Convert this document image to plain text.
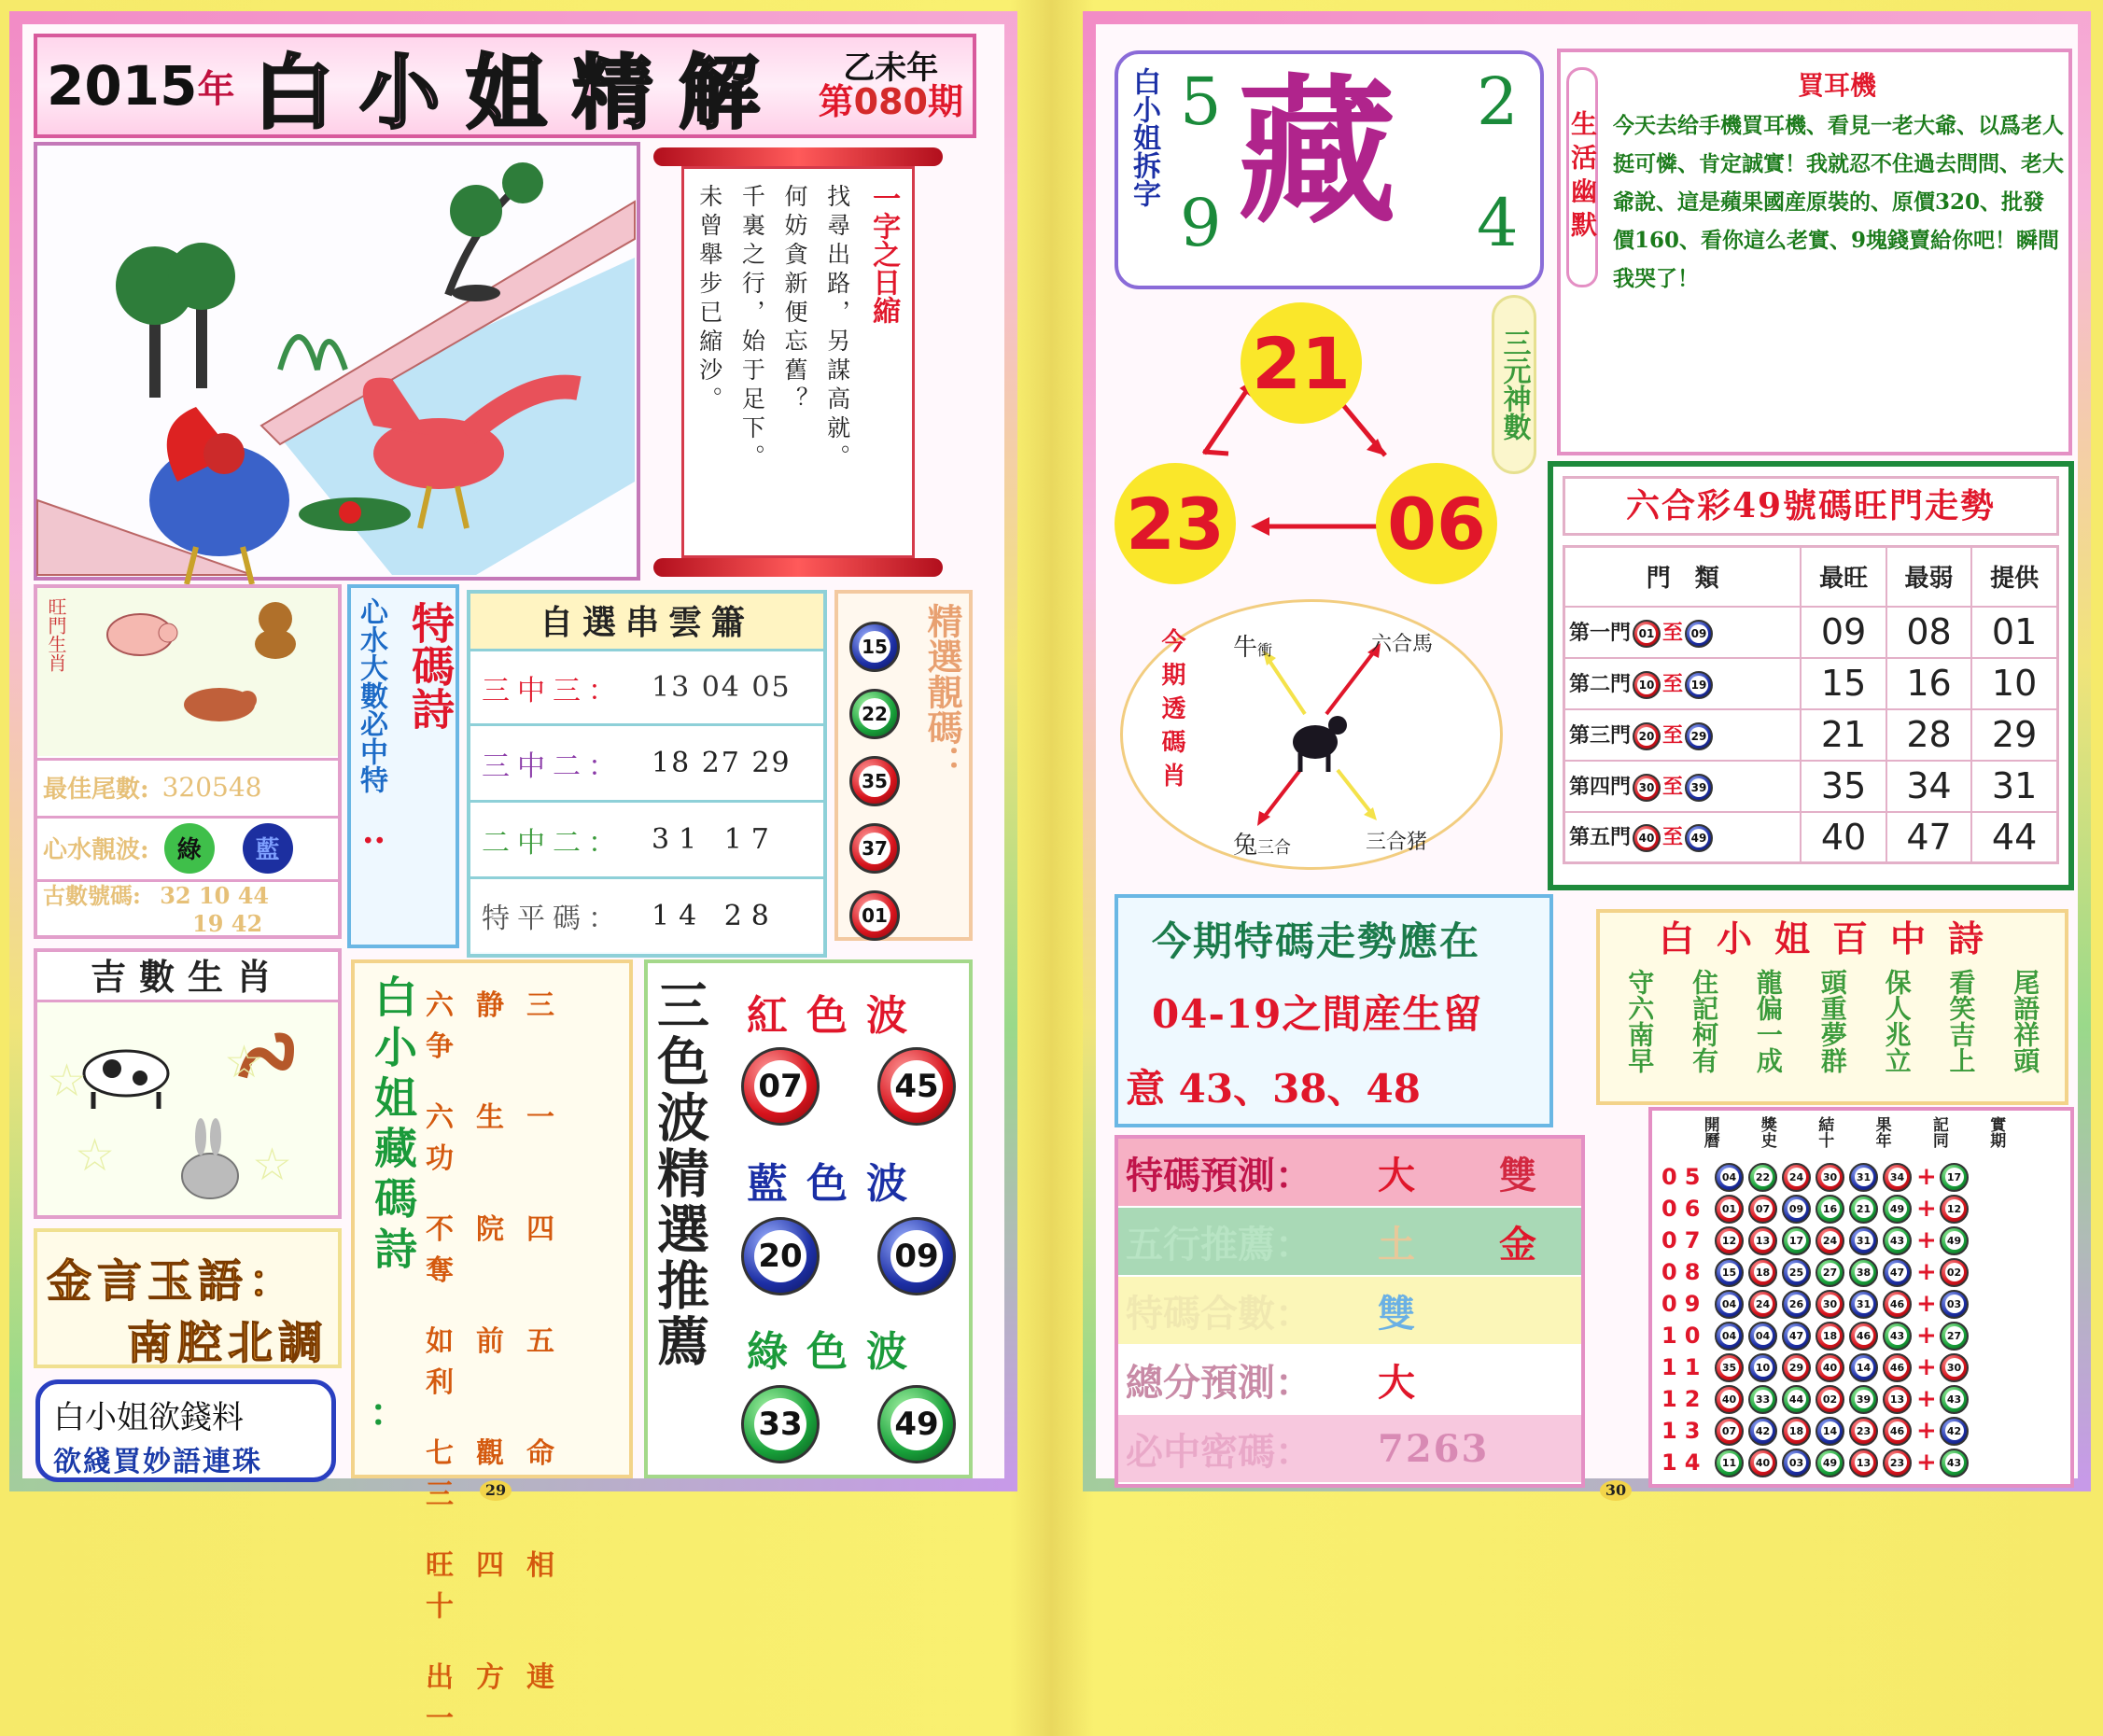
2015 年 白小姐精解	乙未年
第080期
一字之日縮
找尋出路，另謀高就。
何妨貪新便忘舊？
千裏之行，始于足下。
未曾舉步已縮沙。
旺門生肖
最佳尾數: 320548
心水靚波:	綠	藍
古數號碼: 32 10 44
19 42
特碼詩
..
心水大數必中特	自選串雲簫
三中三： 13 04 05
三中二： 18 27 29
二中二： 31 17
特平碼： 14 28
精選靚碼：
15
22
35
37
01
吉數生肖
☆
☆
☆	☆ 白小姐藏碼詩
：
六静三争
六生一功
不院四奪
如前五利
七觀命三
旺四相十
出方連一
三色波精選推薦 紅色波
07	45
藍色波
20	09
綠色波
33	49
金言玉語：
南腔北調
白小姐欲錢料
欲綫買妙語連珠
29
白小姐拆字 5
9 藏 2
4
21
23 06
三元神數
今期透碼肖 牛衝	六合馬
兔三合	三合猪
生活幽默
買耳機
今天去给手機買耳機、看見一老大爺、以爲老人挺可憐、肯定誠實！我就忍不住過去問問、老大爺說、這是蘋果國産原裝的、原價320、批發價160、看你這么老實、9塊錢賣給你吧！瞬間我哭了！
六合彩49號碼旺門走勢
門　類	最旺	最弱	提供
第一門 01 至 09	09	08	01
第二門 10 至 19	15	16	10
第三門 20 至 29	21	28	29
第四門 30 至 39	35	34	31
第五門 40 至 49	40	47	44
今期特碼走勢應在
04-19之間産生留
意 43、38、48
白小姐百中詩
守六南早 住記柯有 龍偏一成 頭重夢群 保人兆立 看笑吉上 尾語祥頭
特碼預測：	大	雙
五行推薦：	土	金
特碼合數：	雙
總分預測：	大
必中密碼：	7263
開曆 獎史 結十 果年 記同 實期
05 04 22 24 30 31 34 + 17
06 01 07 09 16 21 49 + 12
07 12 13 17 24 31 43 + 49
08 15 18 25 27 38 47 + 02
09 04 24 26 30 31 46 + 03
10 04 04 47 18 46 43 + 27
11 35 10 29 40 14 46 + 30
12 40 33 44 02 39 13 + 43
13 07 42 18 14 23 46 + 42
14 11 40 03 49 13 23 + 43
30
